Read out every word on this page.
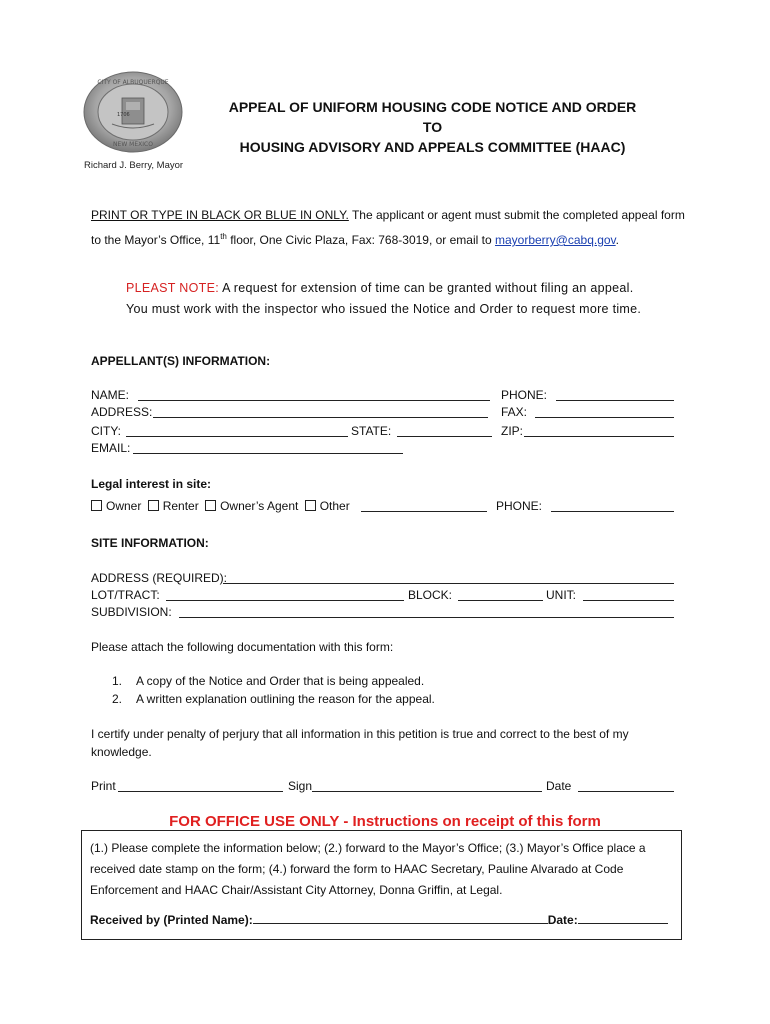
CITY OF ALBUQUERQUE
NEW MEXICO
1706
Richard J. Berry, Mayor
APPEAL OF UNIFORM HOUSING CODE NOTICE AND ORDER
TO
HOUSING ADVISORY AND APPEALS COMMITTEE (HAAC)
PRINT OR TYPE IN BLACK OR BLUE IN ONLY. The applicant or agent must submit the completed appeal form to the Mayor’s Office, 11th floor, One Civic Plaza, Fax: 768-3019, or email to mayorberry@cabq.gov.
PLEAST NOTE: A request for extension of time can be granted without filing an appeal. You must work with the inspector who issued the Notice and Order to request more time.
APPELLANT(S) INFORMATION:
NAME:	PHONE:
ADDRESS:	FAX:
CITY:	STATE:	ZIP:
EMAIL:
Legal interest in site:
Owner Renter Owner’s Agent Other	PHONE:
SITE INFORMATION:
ADDRESS (REQUIRED):
LOT/TRACT:	BLOCK:	UNIT:
SUBDIVISION:
Please attach the following documentation with this form:
1. A copy of the Notice and Order that is being appealed.
2. A written explanation outlining the reason for the appeal.
I certify under penalty of perjury that all information in this petition is true and correct to the best of my knowledge.
Print	Sign	Date
FOR OFFICE USE ONLY - Instructions on receipt of this form
(1.) Please complete the information below; (2.) forward to the Mayor’s Office; (3.) Mayor’s Office place a received date stamp on the form; (4.) forward the form to HAAC Secretary, Pauline Alvarado at Code Enforcement and HAAC Chair/Assistant City Attorney, Donna Griffin, at Legal.
Received by (Printed Name):	Date:
